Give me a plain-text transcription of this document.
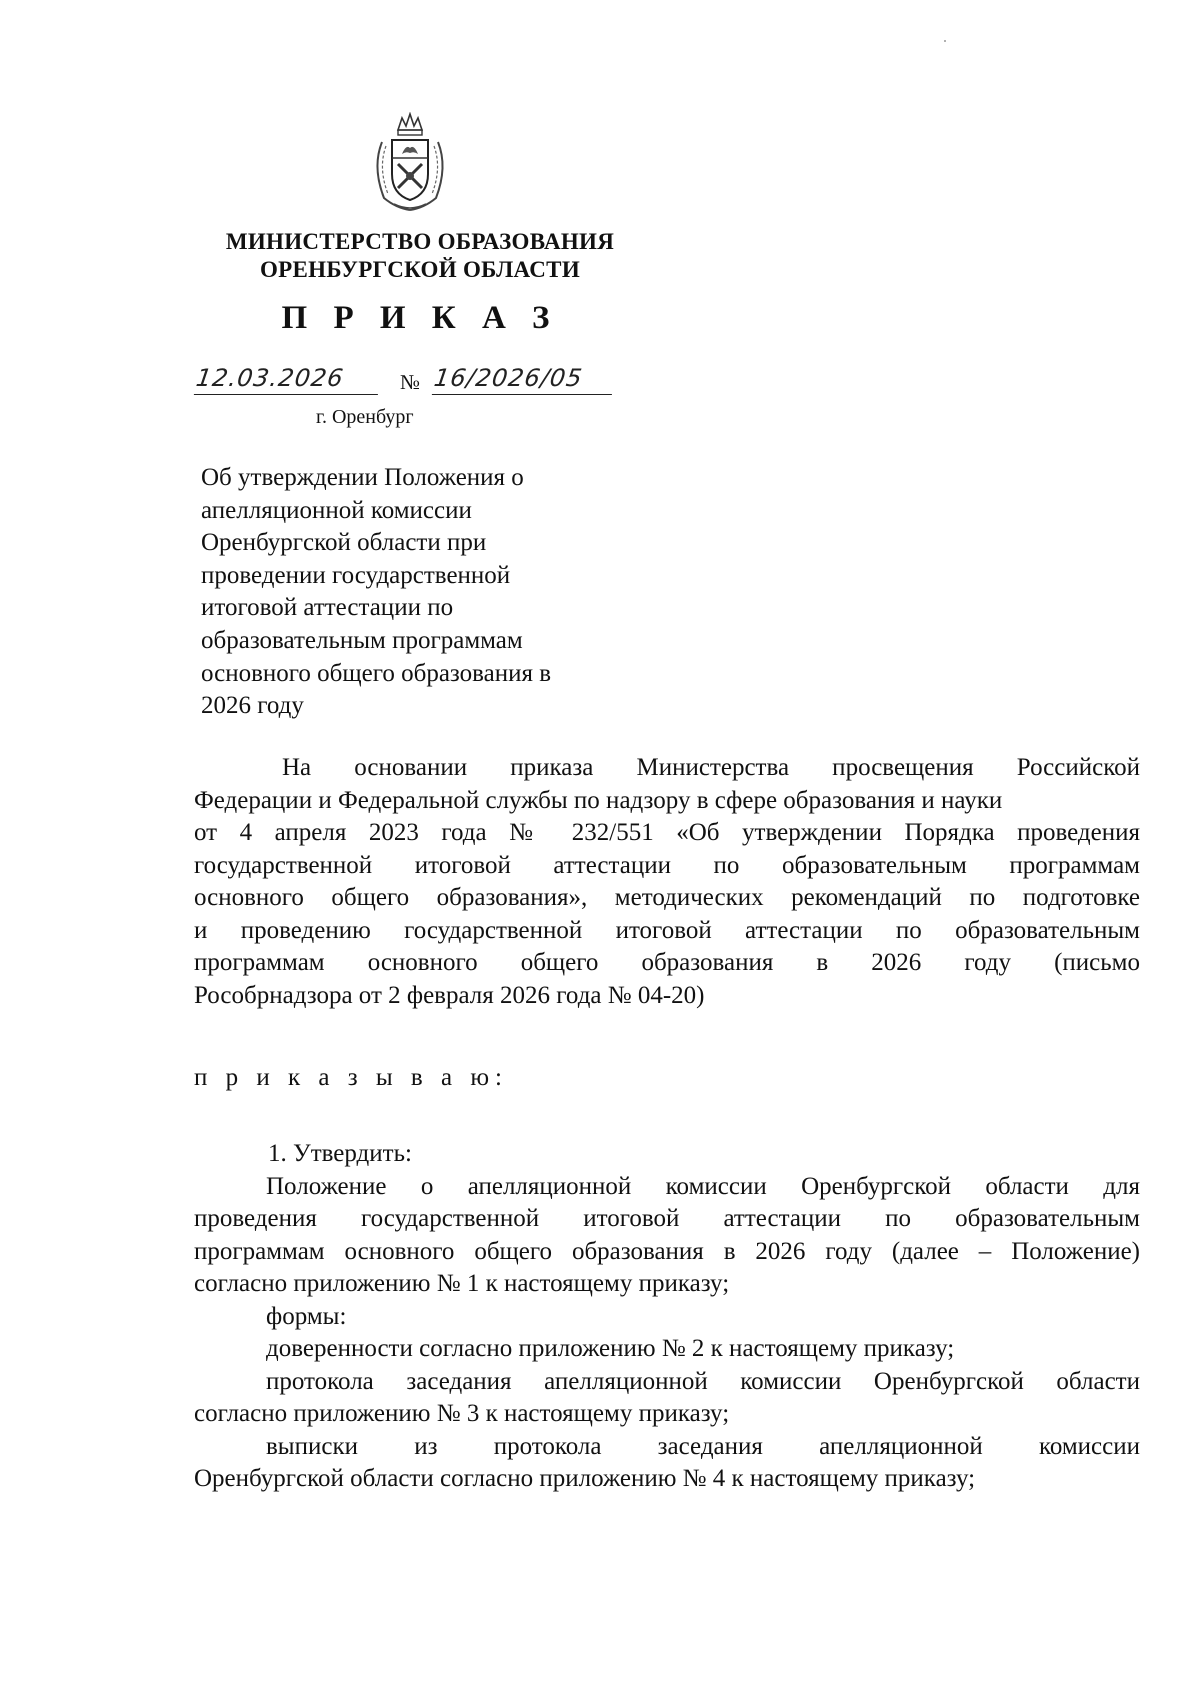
МИНИСТЕРСТВО ОБРАЗОВАНИЯ
ОРЕНБУРГСКОЙ ОБЛАСТИ
П Р И К А З
12.03.2026	№ 16/2026/05
г. Оренбург
Об утверждении Положения о
апелляционной комиссии
Оренбургской области при
проведении государственной
итоговой аттестации по
образовательным программам
основного общего образования в
2026 году
На основании приказа Министерства просвещения Российской
Федерации и Федеральной службы по надзору в сфере образования и науки
от 4 апреля 2023 года № 232/551 «Об утверждении Порядка проведения
государственной итоговой аттестации по образовательным программам
основного общего образования», методических рекомендаций по подготовке
и проведению государственной итоговой аттестации по образовательным
программам основного общего образования в 2026 году (письмо
Рособрнадзора от 2 февраля 2026 года № 04-20)
п р и к а з ы в а ю:
1. Утвердить:
Положение о апелляционной комиссии Оренбургской области для
проведения государственной итоговой аттестации по образовательным
программам основного общего образования в 2026 году (далее – Положение)
согласно приложению № 1 к настоящему приказу;
формы:
доверенности согласно приложению № 2 к настоящему приказу;
протокола заседания апелляционной комиссии Оренбургской области
согласно приложению № 3 к настоящему приказу;
выписки из протокола заседания апелляционной комиссии
Оренбургской области согласно приложению № 4 к настоящему приказу;
